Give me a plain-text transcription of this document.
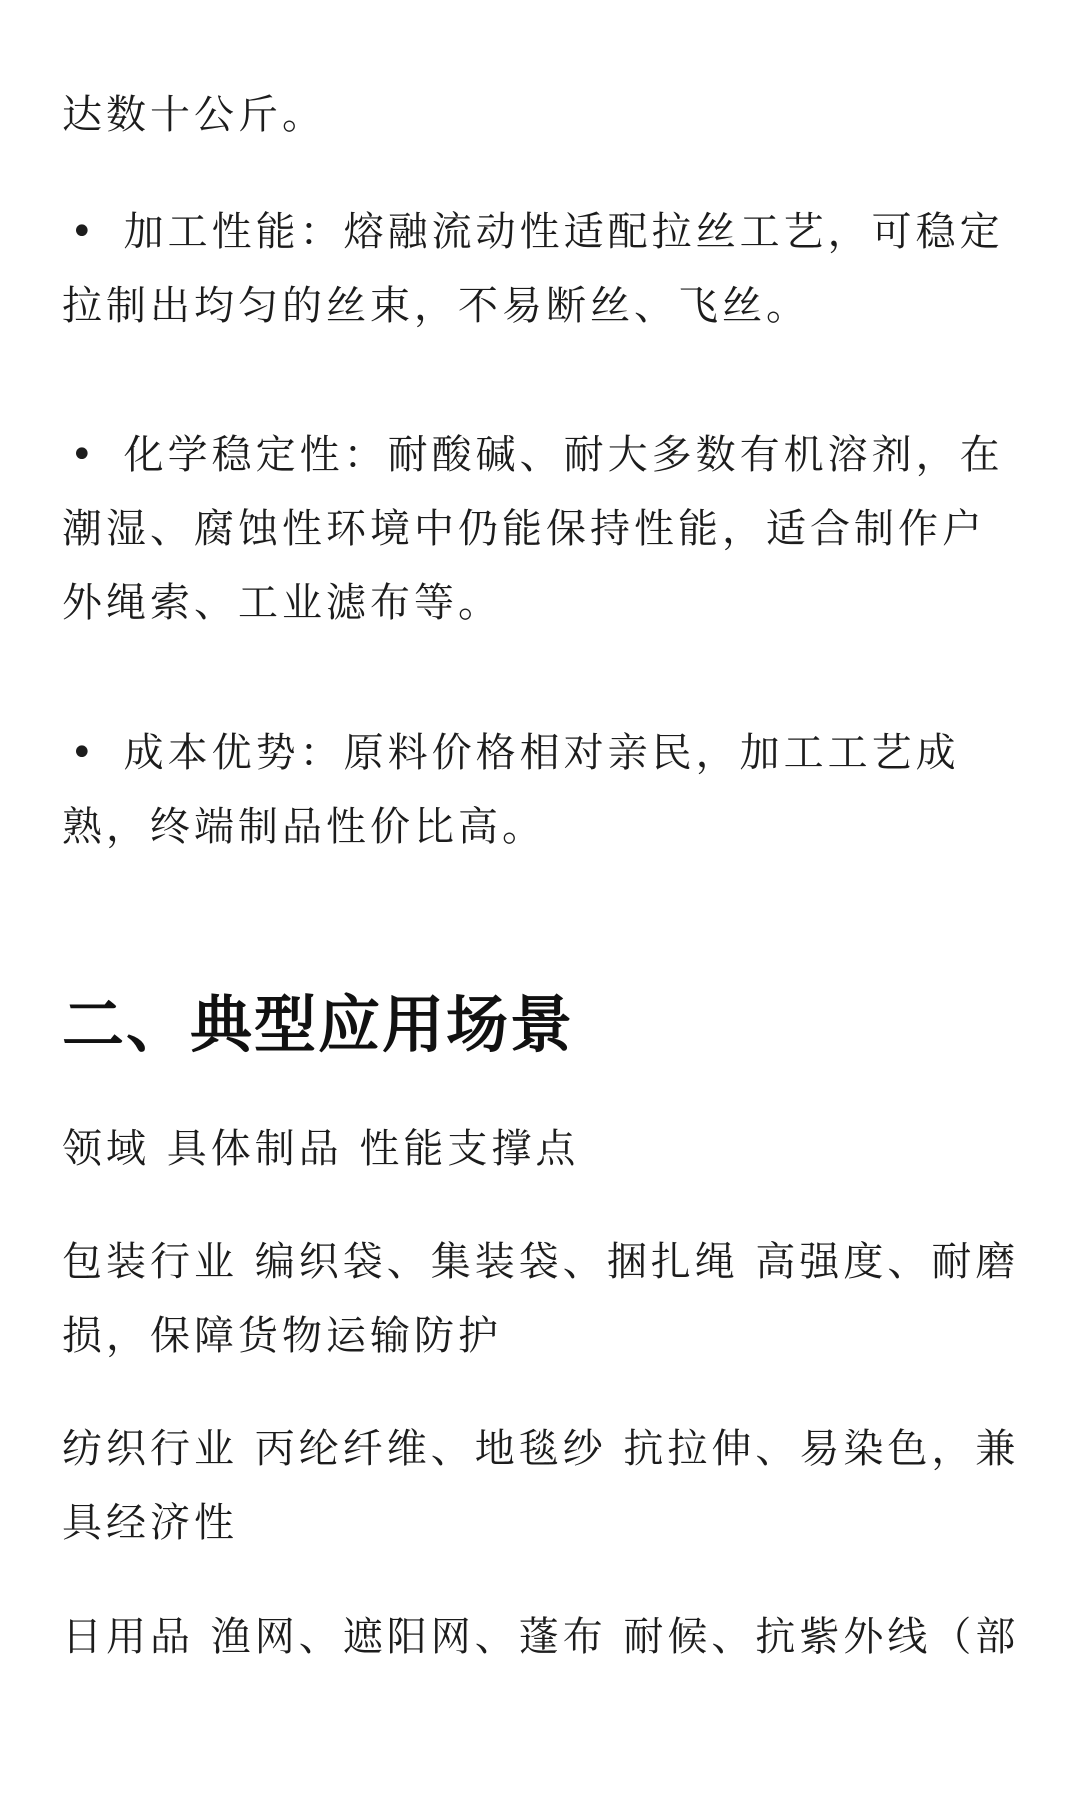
达数十公斤。

• 加工性能：熔融流动性适配拉丝工艺，可稳定拉制出均匀的丝束，不易断丝、飞丝。

• 化学稳定性：耐酸碱、耐大多数有机溶剂，在潮湿、腐蚀性环境中仍能保持性能，适合制作户外绳索、工业滤布等。

• 成本优势：原料价格相对亲民，加工工艺成熟，终端制品性价比高。

二、典型应用场景

领域 具体制品 性能支撑点

包装行业 编织袋、集装袋、捆扎绳 高强度、耐磨损，保障货物运输防护

纺织行业 丙纶纤维、地毯纱 抗拉伸、易染色，兼具经济性

日用品 渔网、遮阳网、蓬布 耐候、抗紫外线（部
